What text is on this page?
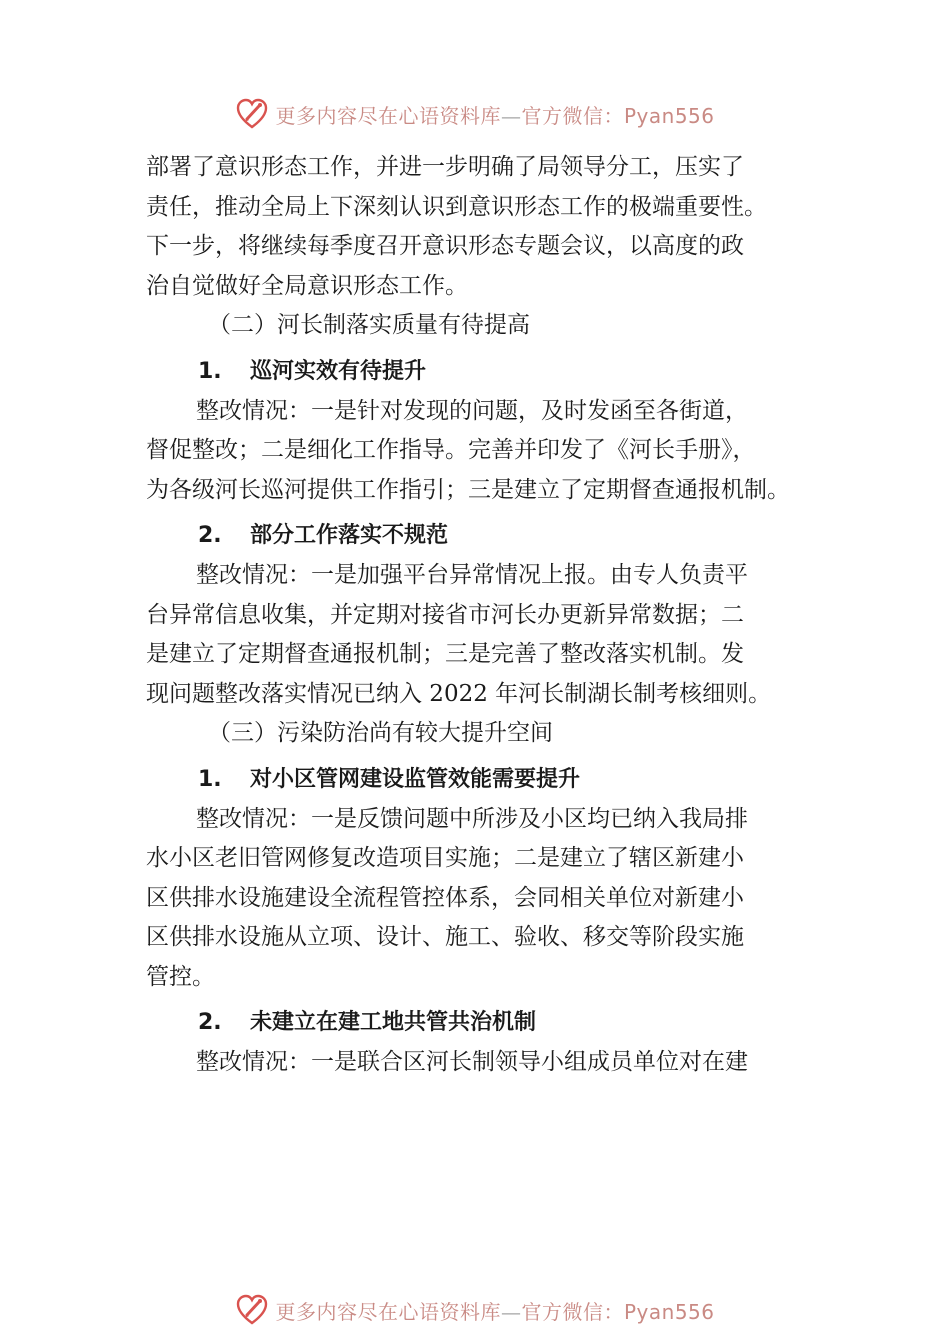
更多内容尽在心语资料库—官方微信：Pyan556

部署了意识形态工作，并进一步明确了局领导分工，压实了
责任，推动全局上下深刻认识到意识形态工作的极端重要性。
下一步，将继续每季度召开意识形态专题会议，以高度的政
治自觉做好全局意识形态工作。

（二）河长制落实质量有待提高

1.	巡河实效有待提升

整改情况：一是针对发现的问题，及时发函至各街道，
督促整改；二是细化工作指导。完善并印发了《河长手册》，
为各级河长巡河提供工作指引；三是建立了定期督查通报机制。

2.	部分工作落实不规范

整改情况：一是加强平台异常情况上报。由专人负责平
台异常信息收集，并定期对接省市河长办更新异常数据；二
是建立了定期督查通报机制；三是完善了整改落实机制。发
现问题整改落实情况已纳入 2022 年河长制湖长制考核细则。

（三）污染防治尚有较大提升空间

1.	对小区管网建设监管效能需要提升

整改情况：一是反馈问题中所涉及小区均已纳入我局排
水小区老旧管网修复改造项目实施；二是建立了辖区新建小
区供排水设施建设全流程管控体系，会同相关单位对新建小
区供排水设施从立项、设计、施工、验收、移交等阶段实施
管控。

2.	未建立在建工地共管共治机制

整改情况：一是联合区河长制领导小组成员单位对在建

更多内容尽在心语资料库—官方微信：Pyan556
